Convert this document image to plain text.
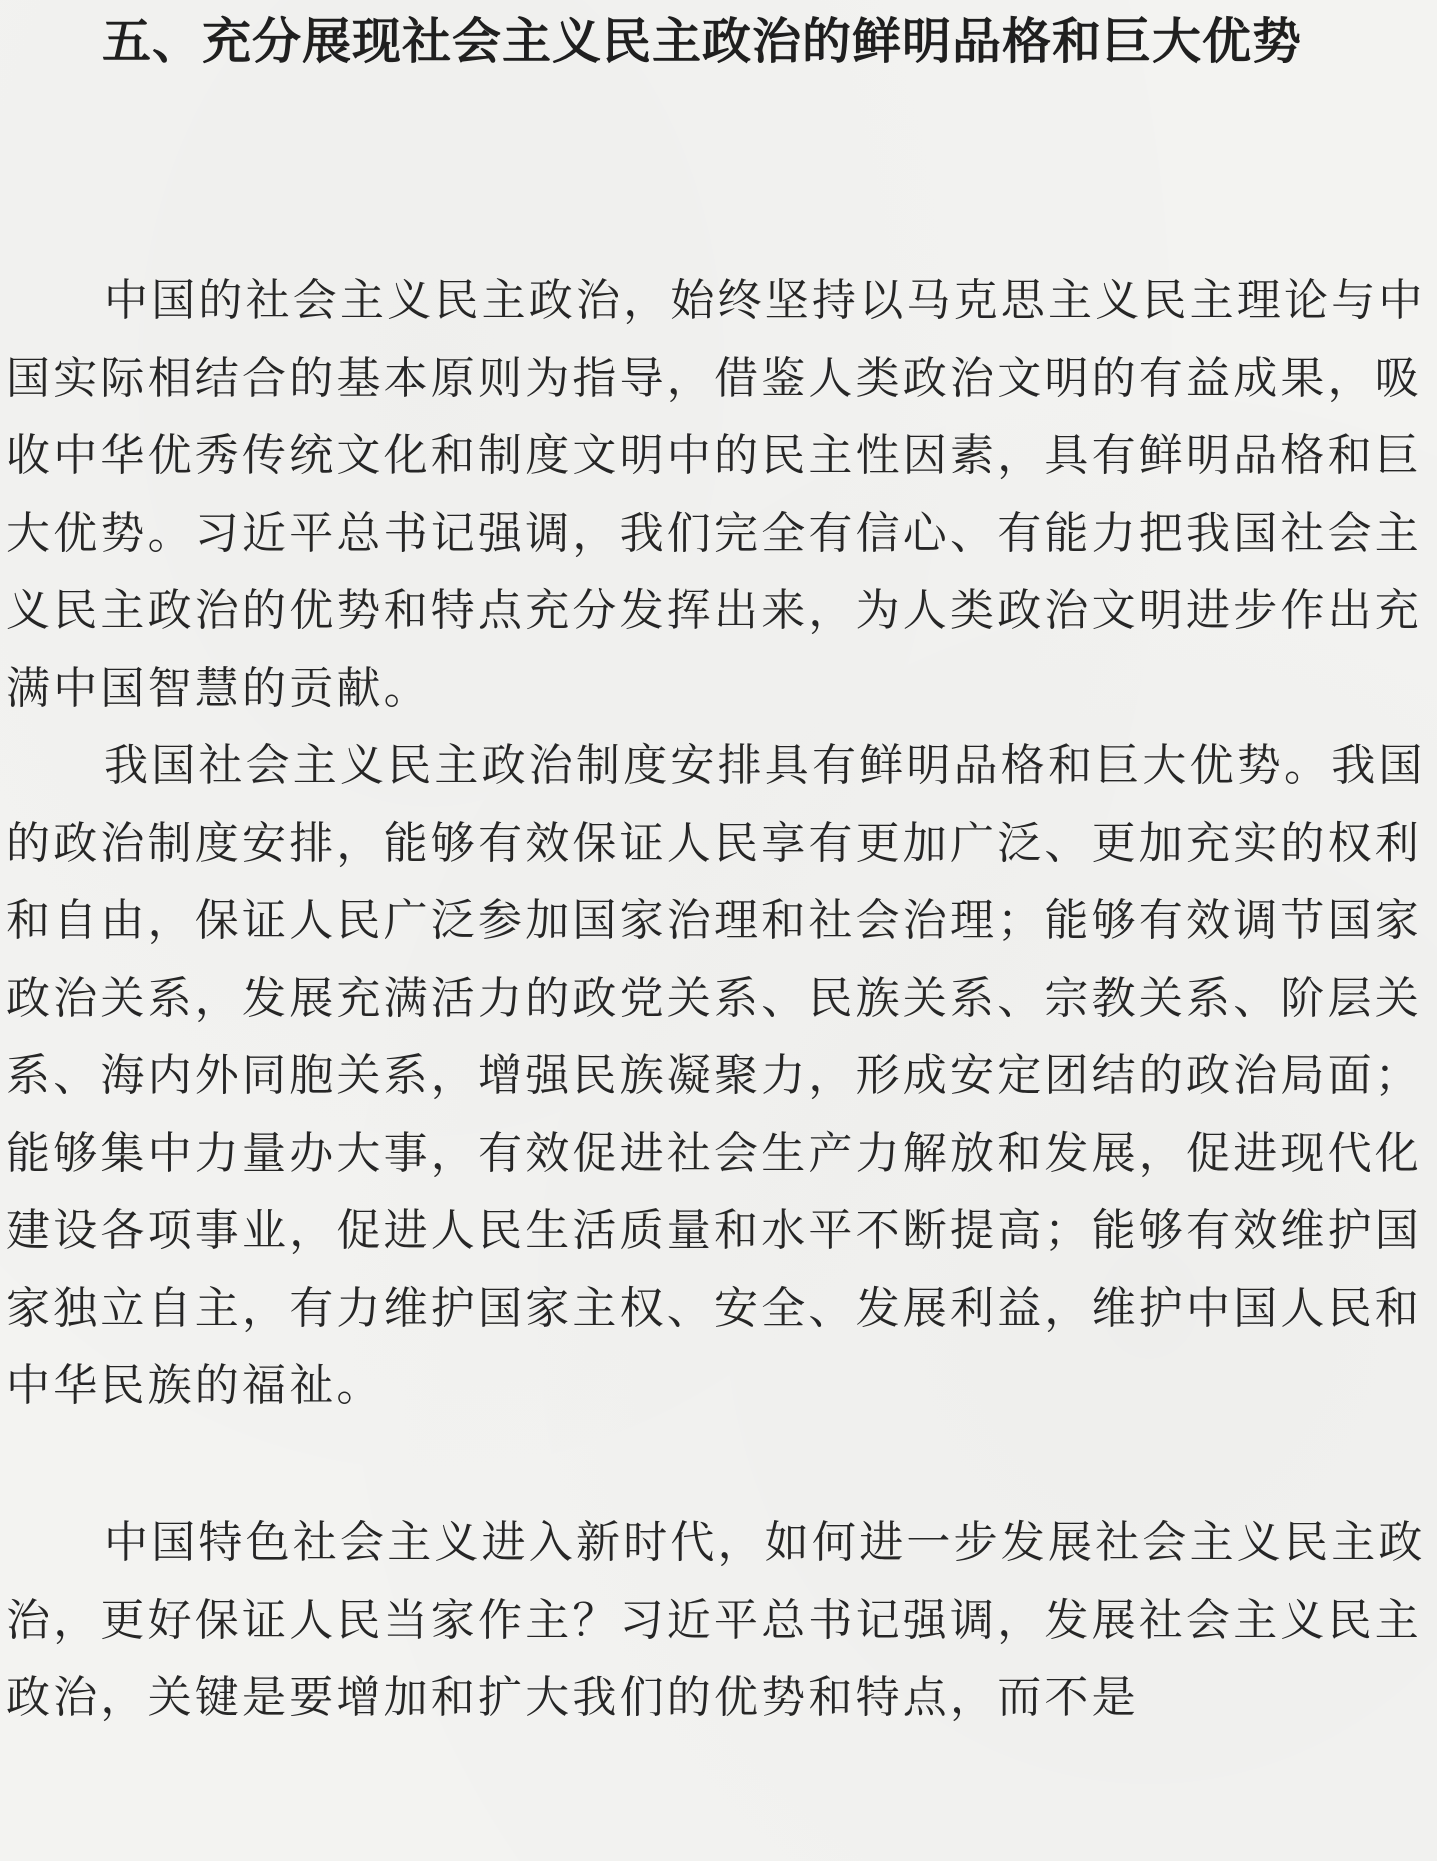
五、充分展现社会主义民主政治的鲜明品格和巨大优势

中国的社会主义民主政治，始终坚持以马克思主义民主理论与中国实际相结合的基本原则为指导，借鉴人类政治文明的有益成果，吸收中华优秀传统文化和制度文明中的民主性因素，具有鲜明品格和巨大优势。习近平总书记强调，我们完全有信心、有能力把我国社会主义民主政治的优势和特点充分发挥出来，为人类政治文明进步作出充满中国智慧的贡献。

我国社会主义民主政治制度安排具有鲜明品格和巨大优势。我国的政治制度安排，能够有效保证人民享有更加广泛、更加充实的权利和自由，保证人民广泛参加国家治理和社会治理；能够有效调节国家政治关系，发展充满活力的政党关系、民族关系、宗教关系、阶层关系、海内外同胞关系，增强民族凝聚力，形成安定团结的政治局面；能够集中力量办大事，有效促进社会生产力解放和发展，促进现代化建设各项事业，促进人民生活质量和水平不断提高；能够有效维护国家独立自主，有力维护国家主权、安全、发展利益，维护中国人民和中华民族的福祉。

中国特色社会主义进入新时代，如何进一步发展社会主义民主政治，更好保证人民当家作主？习近平总书记强调，发展社会主义民主政治，关键是要增加和扩大我们的优势和特点，而不是
